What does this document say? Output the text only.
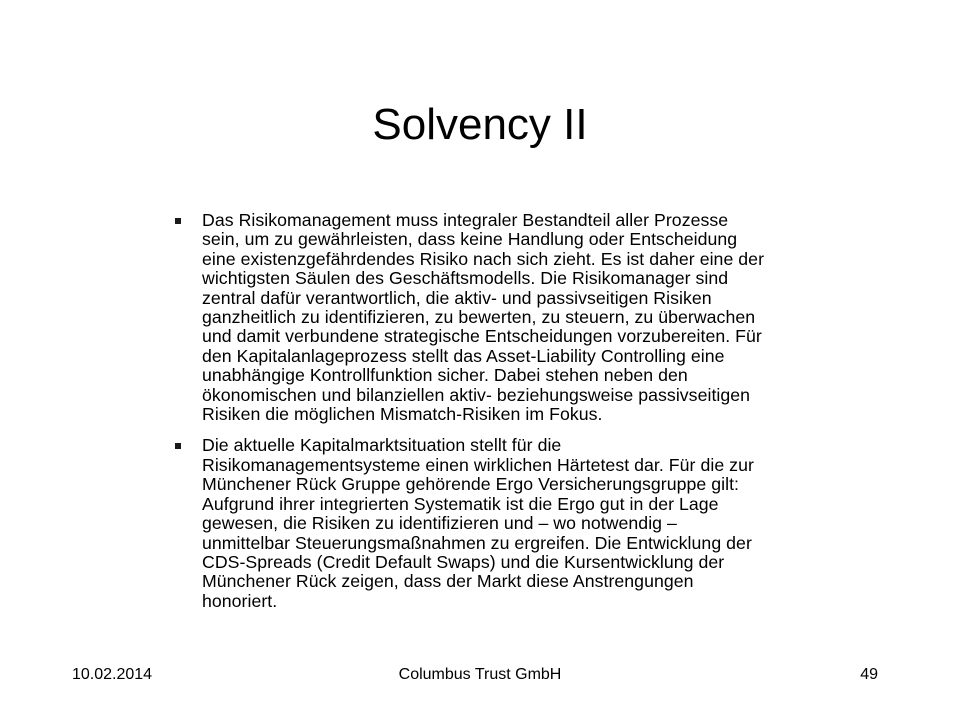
Solvency II
Das Risikomanagement muss integraler Bestandteil aller Prozesse
sein, um zu gewährleisten, dass keine Handlung oder Entscheidung
eine existenzgefährdendes Risiko nach sich zieht. Es ist daher eine der
wichtigsten Säulen des Geschäftsmodells. Die Risikomanager sind
zentral dafür verantwortlich, die aktiv- und passivseitigen Risiken
ganzheitlich zu identifizieren, zu bewerten, zu steuern, zu überwachen
und damit verbundene strategische Entscheidungen vorzubereiten. Für
den Kapitalanlageprozess stellt das Asset-Liability Controlling eine
unabhängige Kontrollfunktion sicher. Dabei stehen neben den
ökonomischen und bilanziellen aktiv- beziehungsweise passivseitigen
Risiken die möglichen Mismatch-Risiken im Fokus.
Die aktuelle Kapitalmarktsituation stellt für die
Risikomanagementsysteme einen wirklichen Härtetest dar. Für die zur
Münchener Rück Gruppe gehörende Ergo Versicherungsgruppe gilt:
Aufgrund ihrer integrierten Systematik ist die Ergo gut in der Lage
gewesen, die Risiken zu identifizieren und – wo notwendig –
unmittelbar Steuerungsmaßnahmen zu ergreifen. Die Entwicklung der
CDS-Spreads (Credit Default Swaps) und die Kursentwicklung der
Münchener Rück zeigen, dass der Markt diese Anstrengungen
honoriert.
Columbus Trust GmbH
10.02.2014	49
